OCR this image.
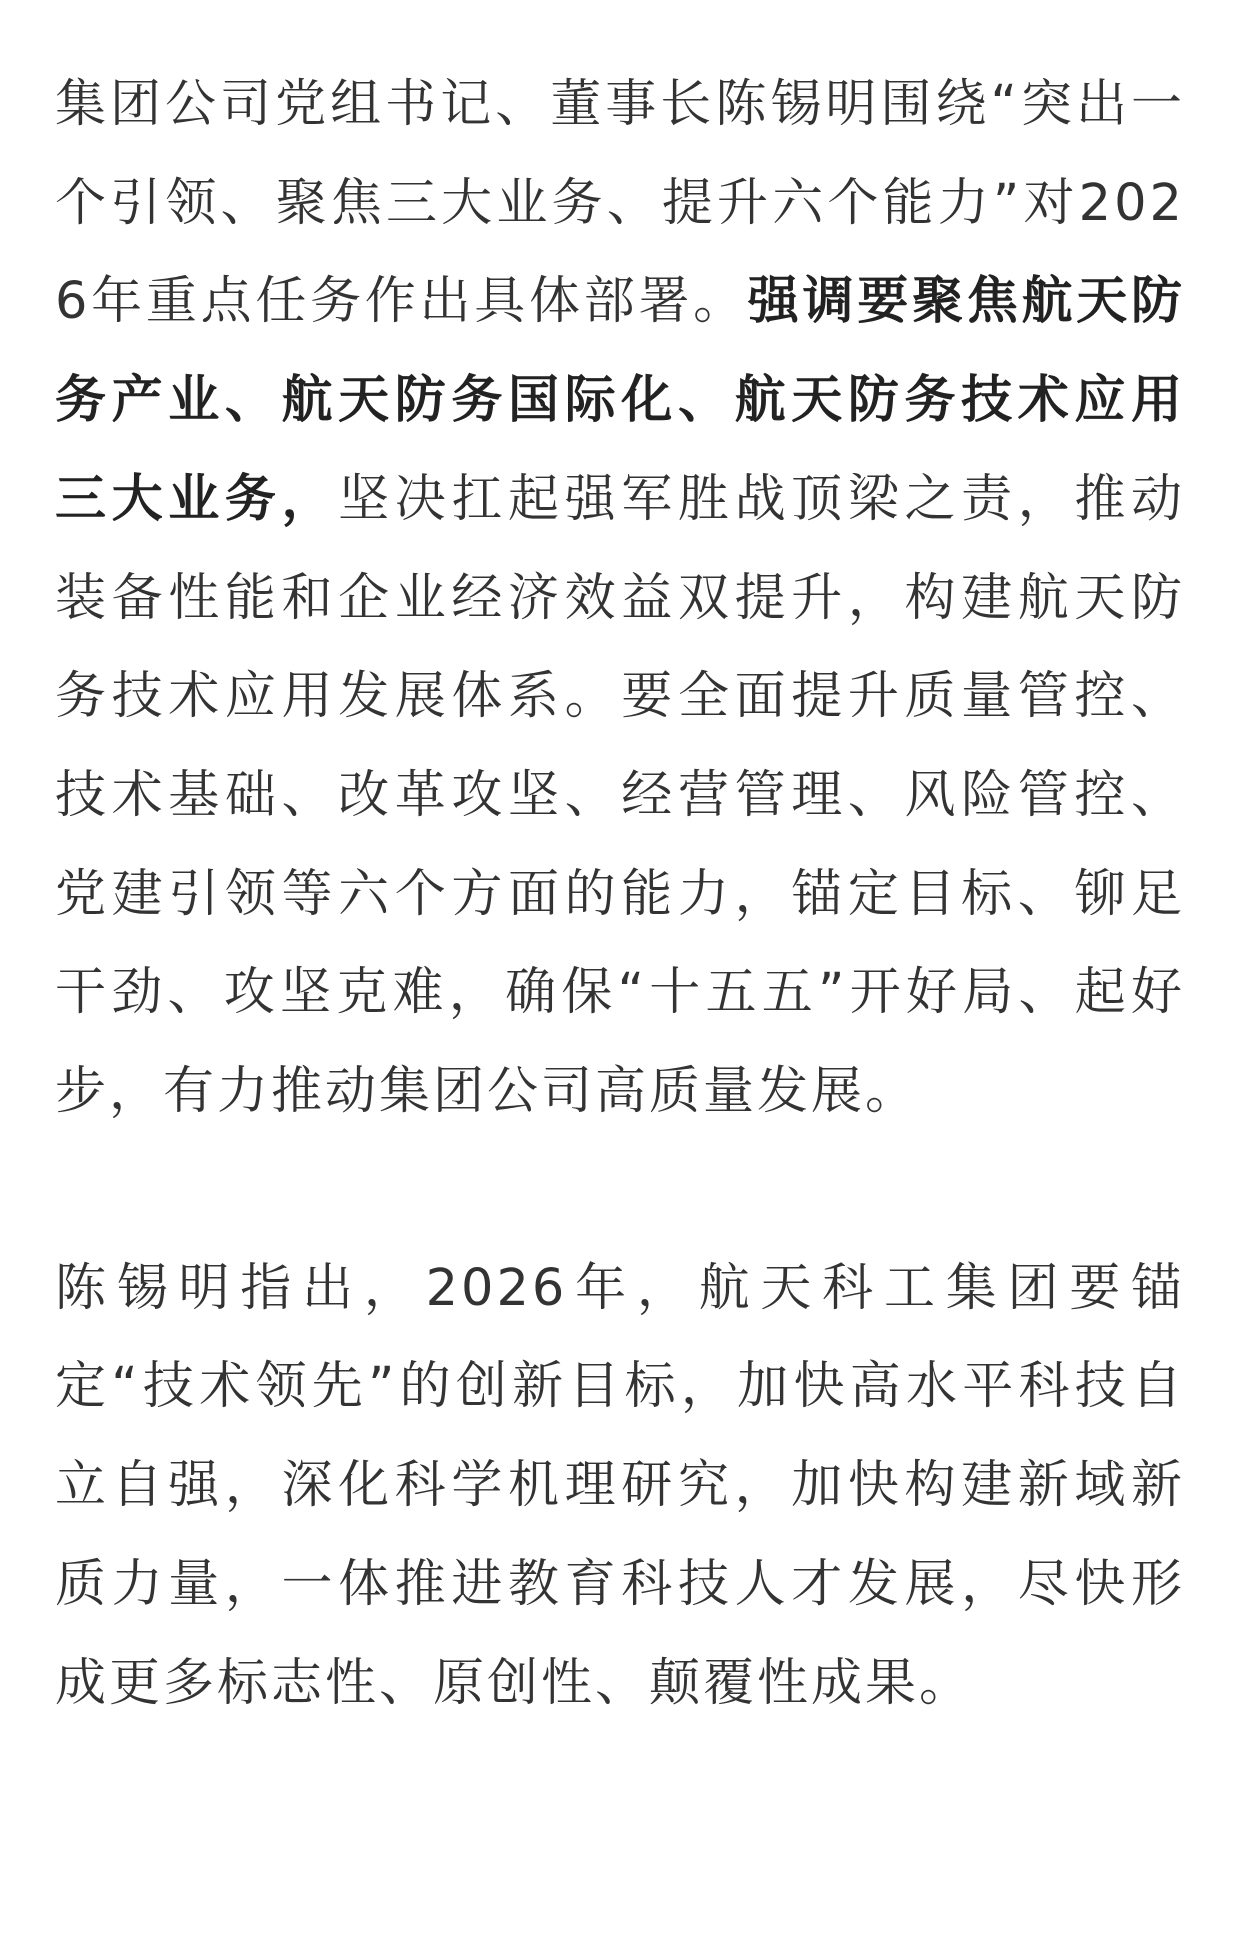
集团公司党组书记、董事长陈锡明围绕“突出一个引领、聚焦三大业务、提升六个能力”对2026年重点任务作出具体部署。强调要聚焦航天防务产业、航天防务国际化、航天防务技术应用三大业务，坚决扛起强军胜战顶梁之责，推动装备性能和企业经济效益双提升，构建航天防务技术应用发展体系。要全面提升质量管控、技术基础、改革攻坚、经营管理、风险管控、党建引领等六个方面的能力，锚定目标、铆足干劲、攻坚克难，确保“十五五”开好局、起好步，有力推动集团公司高质量发展。

陈锡明指出，2026年，航天科工集团要锚定“技术领先”的创新目标，加快高水平科技自立自强，深化科学机理研究，加快构建新域新质力量，一体推进教育科技人才发展，尽快形成更多标志性、原创性、颠覆性成果。
